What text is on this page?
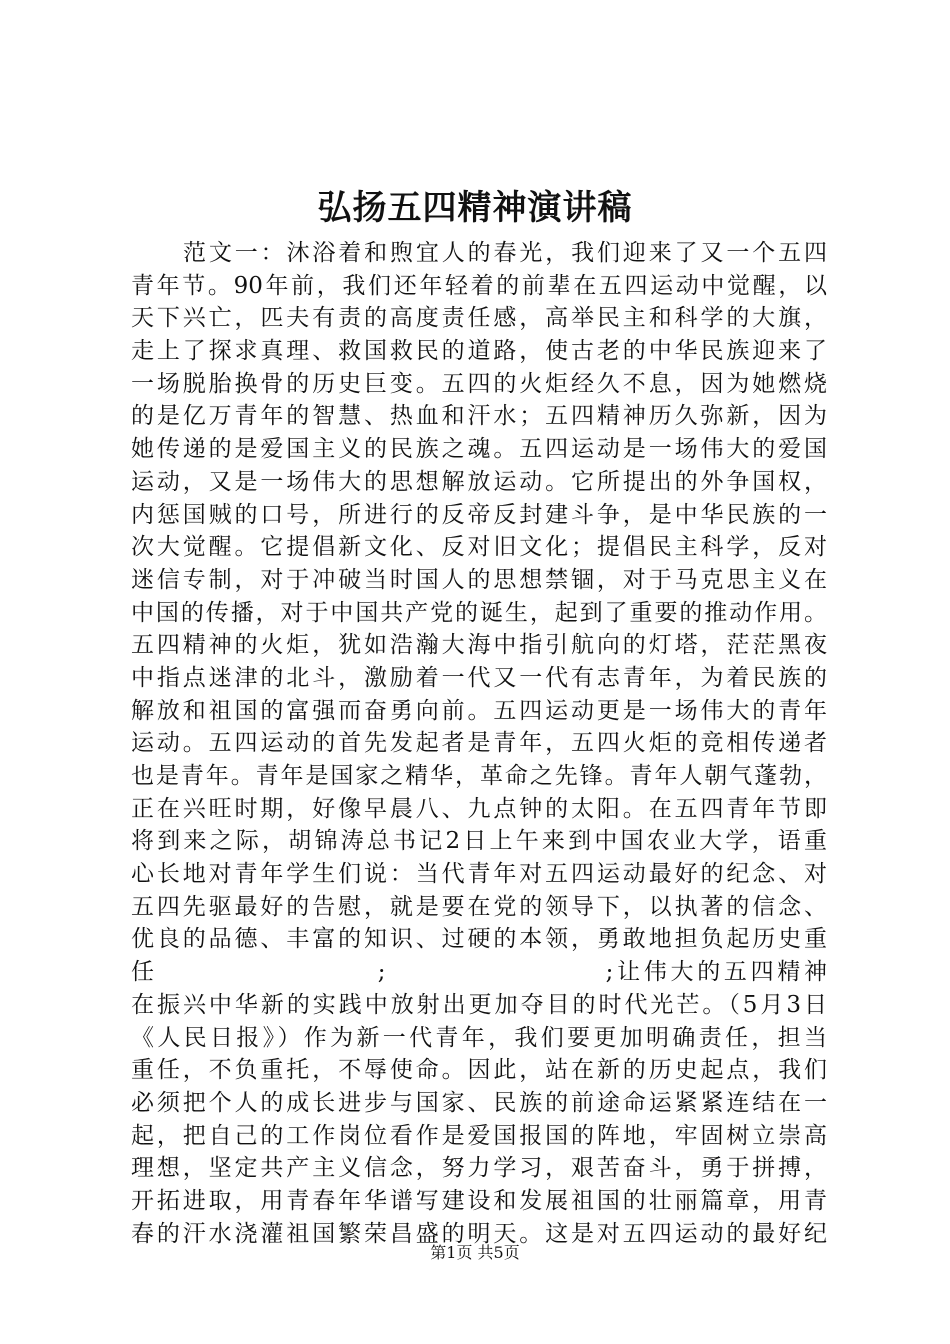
弘扬五四精神演讲稿
范文一：沐浴着和煦宜人的春光，我们迎来了又一个五四
青年节。90年前，我们还年轻着的前辈在五四运动中觉醒，以
天下兴亡，匹夫有责的高度责任感，高举民主和科学的大旗，
走上了探求真理、救国救民的道路，使古老的中华民族迎来了
一场脱胎换骨的历史巨变。五四的火炬经久不息，因为她燃烧
的是亿万青年的智慧、热血和汗水；五四精神历久弥新，因为
她传递的是爱国主义的民族之魂。五四运动是一场伟大的爱国
运动，又是一场伟大的思想解放运动。它所提出的外争国权，
内惩国贼的口号，所进行的反帝反封建斗争，是中华民族的一
次大觉醒。它提倡新文化、反对旧文化；提倡民主科学，反对
迷信专制，对于冲破当时国人的思想禁锢，对于马克思主义在
中国的传播，对于中国共产党的诞生，起到了重要的推动作用。
五四精神的火炬，犹如浩瀚大海中指引航向的灯塔，茫茫黑夜
中指点迷津的北斗，激励着一代又一代有志青年，为着民族的
解放和祖国的富强而奋勇向前。五四运动更是一场伟大的青年
运动。五四运动的首先发起者是青年，五四火炬的竞相传递者
也是青年。青年是国家之精华，革命之先锋。青年人朝气蓬勃，
正在兴旺时期，好像早晨八、九点钟的太阳。在五四青年节即
将到来之际，胡锦涛总书记2日上午来到中国农业大学，语重
心长地对青年学生们说：当代青年对五四运动最好的纪念、对
五四先驱最好的告慰，就是要在党的领导下，以执著的信念、
优良的品德、丰富的知识、过硬的本领，勇敢地担负起历史重
任                    ;                    ;让伟大的五四精神
在振兴中华新的实践中放射出更加夺目的时代光芒。（5月3日
《人民日报》）作为新一代青年，我们要更加明确责任，担当
重任，不负重托，不辱使命。因此，站在新的历史起点，我们
必须把个人的成长进步与国家、民族的前途命运紧紧连结在一
起，把自己的工作岗位看作是爱国报国的阵地，牢固树立崇高
理想，坚定共产主义信念，努力学习，艰苦奋斗，勇于拼搏，
开拓进取，用青春年华谱写建设和发展祖国的壮丽篇章，用青
春的汗水浇灌祖国繁荣昌盛的明天。这是对五四运动的最好纪
第1页 共5页
